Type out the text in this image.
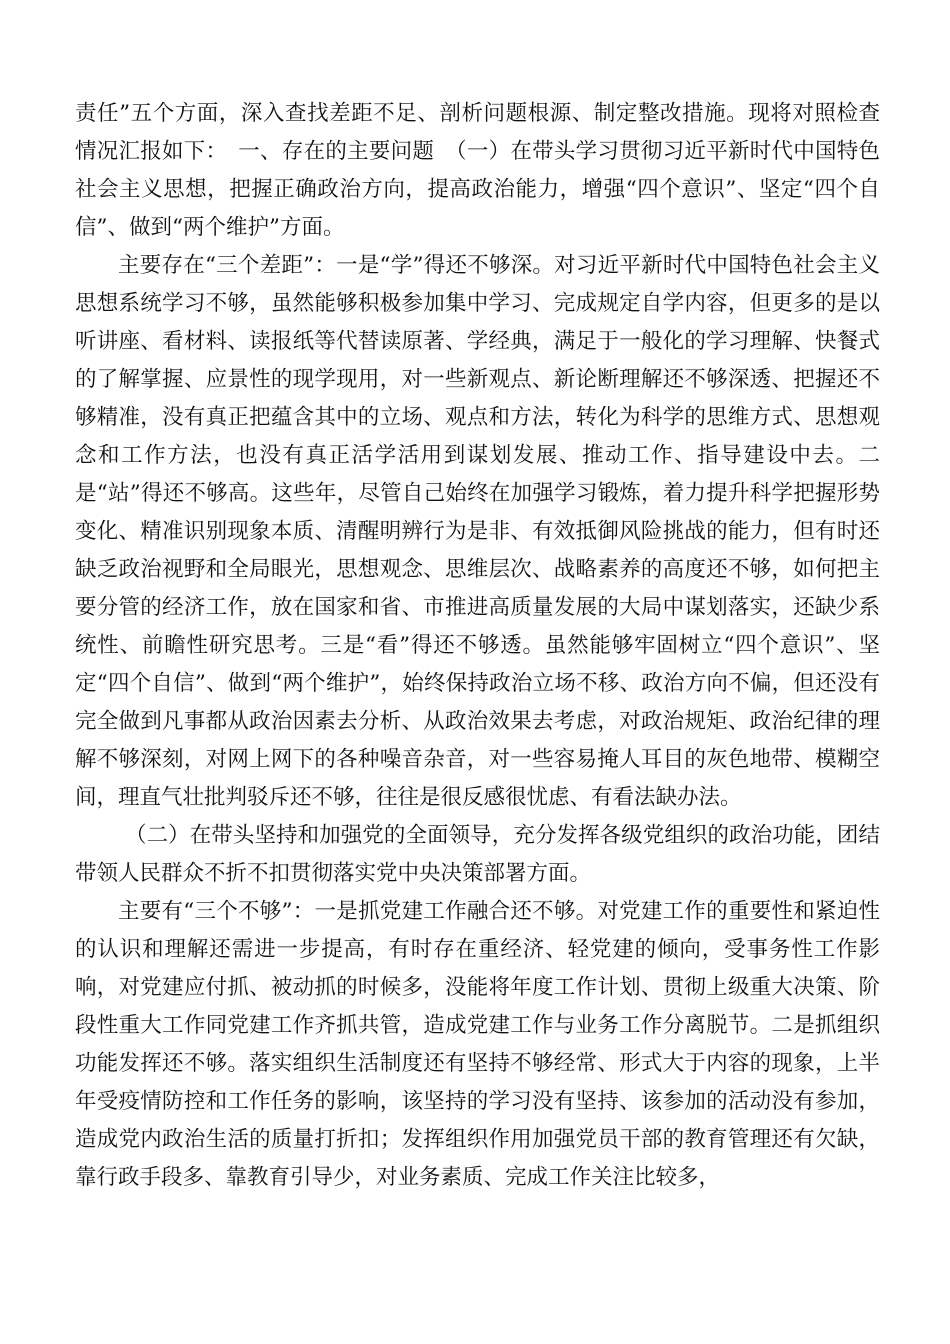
责任”五个方面，深入查找差距不足、剖析问题根源、制定整改措施。现将对照检查情况汇报如下：　一、存在的主要问题　（一）在带头学习贯彻习近平新时代中国特色社会主义思想，把握正确政治方向，提高政治能力，增强“四个意识”、坚定“四个自信”、做到“两个维护”方面。

主要存在“三个差距”：一是“学”得还不够深。对习近平新时代中国特色社会主义思想系统学习不够，虽然能够积极参加集中学习、完成规定自学内容，但更多的是以听讲座、看材料、读报纸等代替读原著、学经典，满足于一般化的学习理解、快餐式的了解掌握、应景性的现学现用，对一些新观点、新论断理解还不够深透、把握还不够精准，没有真正把蕴含其中的立场、观点和方法，转化为科学的思维方式、思想观念和工作方法，也没有真正活学活用到谋划发展、推动工作、指导建设中去。二是“站”得还不够高。这些年，尽管自己始终在加强学习锻炼，着力提升科学把握形势变化、精准识别现象本质、清醒明辨行为是非、有效抵御风险挑战的能力，但有时还缺乏政治视野和全局眼光，思想观念、思维层次、战略素养的高度还不够，如何把主要分管的经济工作，放在国家和省、市推进高质量发展的大局中谋划落实，还缺少系统性、前瞻性研究思考。三是“看”得还不够透。虽然能够牢固树立“四个意识”、坚定“四个自信”、做到“两个维护”，始终保持政治立场不移、政治方向不偏，但还没有完全做到凡事都从政治因素去分析、从政治效果去考虑，对政治规矩、政治纪律的理解不够深刻，对网上网下的各种噪音杂音，对一些容易掩人耳目的灰色地带、模糊空间，理直气壮批判驳斥还不够，往往是很反感很忧虑、有看法缺办法。

（二）在带头坚持和加强党的全面领导，充分发挥各级党组织的政治功能，团结带领人民群众不折不扣贯彻落实党中央决策部署方面。

主要有“三个不够”：一是抓党建工作融合还不够。对党建工作的重要性和紧迫性的认识和理解还需进一步提高，有时存在重经济、轻党建的倾向，受事务性工作影响，对党建应付抓、被动抓的时候多，没能将年度工作计划、贯彻上级重大决策、阶段性重大工作同党建工作齐抓共管，造成党建工作与业务工作分离脱节。二是抓组织功能发挥还不够。落实组织生活制度还有坚持不够经常、形式大于内容的现象，上半年受疫情防控和工作任务的影响，该坚持的学习没有坚持、该参加的活动没有参加，造成党内政治生活的质量打折扣；发挥组织作用加强党员干部的教育管理还有欠缺，靠行政手段多、靠教育引导少，对业务素质、完成工作关注比较多，
